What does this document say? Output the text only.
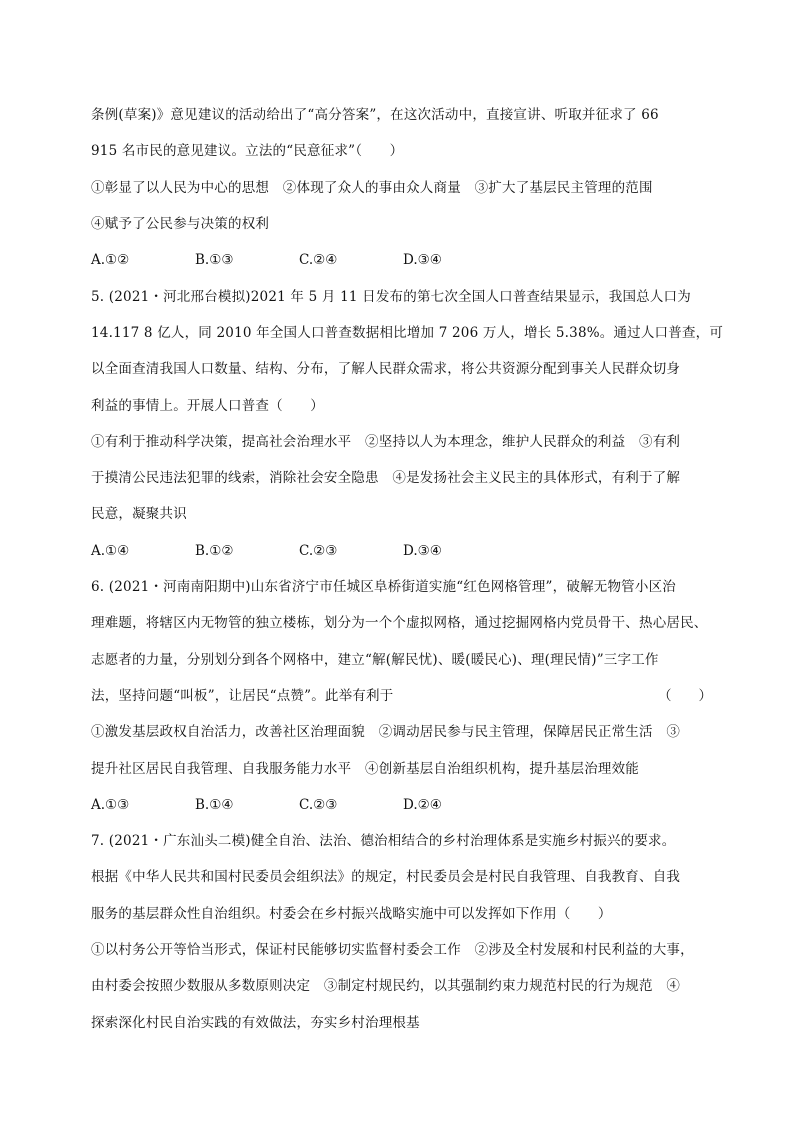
条例(草案)》意见建议的活动给出了“高分答案”，在这次活动中，直接宣讲、听取并征求了 66
915 名市民的意见建议。立法的“民意征求”（　　）
①彰显了以人民为中心的思想　②体现了众人的事由众人商量　③扩大了基层民主管理的范围
④赋予了公民参与决策的权利
A.①②	B.①③	C.②④	D.③④
5. (2021・河北邢台模拟)2021 年 5 月 11 日发布的第七次全国人口普查结果显示，我国总人口为
14.117 8 亿人，同 2010 年全国人口普查数据相比增加 7 206 万人，增长 5.38%。通过人口普查，可
以全面查清我国人口数量、结构、分布，了解人民群众需求，将公共资源分配到事关人民群众切身
利益的事情上。开展人口普查（　　）
①有利于推动科学决策，提高社会治理水平　②坚持以人为本理念，维护人民群众的利益　③有利
于摸清公民违法犯罪的线索，消除社会安全隐患　④是发扬社会主义民主的具体形式，有利于了解
民意，凝聚共识
A.①④	B.①②	C.②③	D.③④
6. (2021・河南南阳期中)山东省济宁市任城区阜桥街道实施“红色网格管理”，破解无物管小区治
理难题，将辖区内无物管的独立楼栋，划分为一个个虚拟网格，通过挖掘网格内党员骨干、热心居民、
志愿者的力量，分别划分到各个网格中，建立“解(解民忧)、暖(暖民心)、理(理民情)”三字工作
法，坚持问题“叫板”，让居民“点赞”。此举有利于	（　　）
①激发基层政权自治活力，改善社区治理面貌　②调动居民参与民主管理，保障居民正常生活　③
提升社区居民自我管理、自我服务能力水平　④创新基层自治组织机构，提升基层治理效能
A.①③	B.①④	C.②③	D.②④
7. (2021・广东汕头二模)健全自治、法治、德治相结合的乡村治理体系是实施乡村振兴的要求。
根据《中华人民共和国村民委员会组织法》的规定，村民委员会是村民自我管理、自我教育、自我
服务的基层群众性自治组织。村委会在乡村振兴战略实施中可以发挥如下作用（　　）
①以村务公开等恰当形式，保证村民能够切实监督村委会工作　②涉及全村发展和村民利益的大事，
由村委会按照少数服从多数原则决定　③制定村规民约，以其强制约束力规范村民的行为规范　④
探索深化村民自治实践的有效做法，夯实乡村治理根基
